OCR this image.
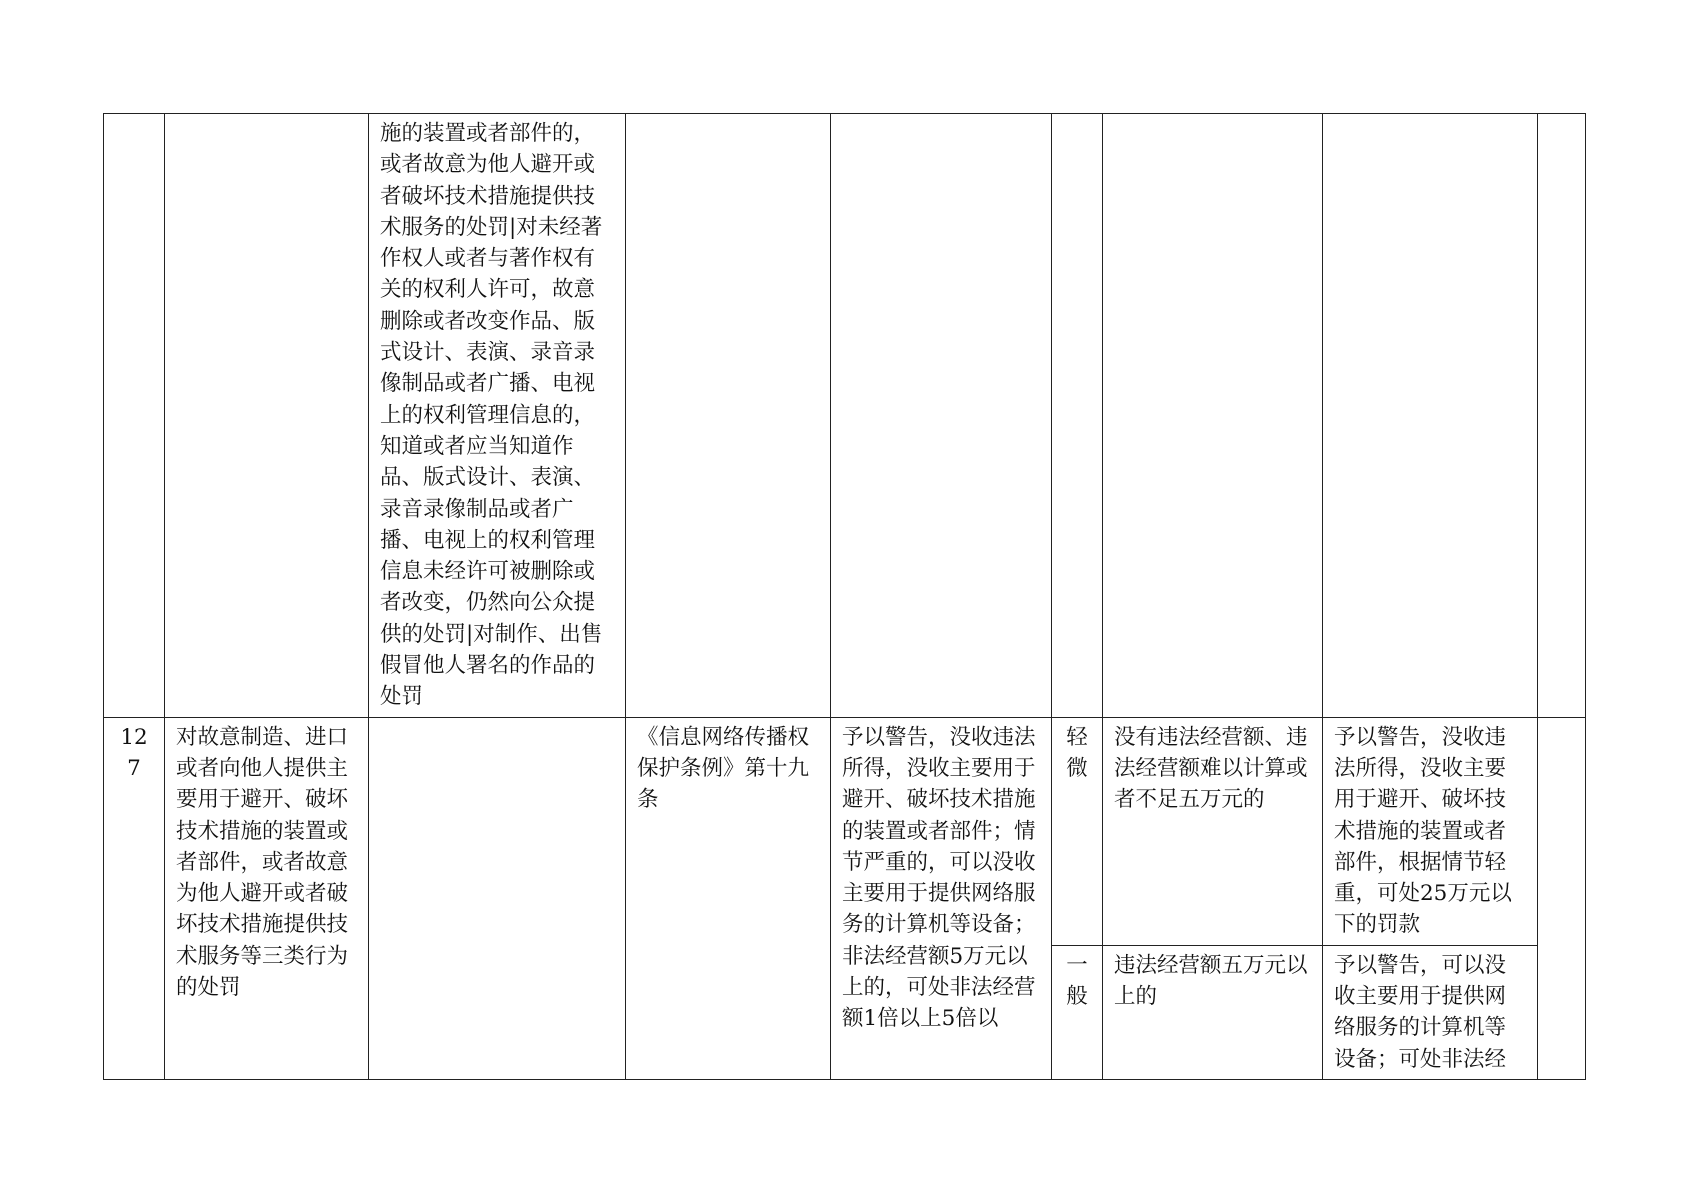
		施的装置或者部件的，或者故意为他人避开或者破坏技术措施提供技术服务的处罚|对未经著作权人或者与著作权有关的权利人许可，故意删除或者改变作品、版式设计、表演、录音录像制品或者广播、电视上的权利管理信息的，知道或者应当知道作品、版式设计、表演、录音录像制品或者广播、电视上的权利管理信息未经许可被删除或者改变，仍然向公众提供的处罚|对制作、出售假冒他人署名的作品的处罚						
127	对故意制造、进口或者向他人提供主要用于避开、破坏技术措施的装置或者部件，或者故意为他人避开或者破坏技术措施提供技术服务等三类行为的处罚		《信息网络传播权保护条例》第十九条	予以警告，没收违法所得，没收主要用于避开、破坏技术措施的装置或者部件；情节严重的，可以没收主要用于提供网络服务的计算机等设备；非法经营额5万元以上的，可处非法经营额1倍以上5倍以	轻微	没有违法经营额、违法经营额难以计算或者不足五万元的	予以警告，没收违法所得，没收主要用于避开、破坏技术措施的装置或者部件，根据情节轻重，可处25万元以下的罚款	
					一般	违法经营额五万元以上的	予以警告，可以没收主要用于提供网络服务的计算机等设备；可处非法经	
